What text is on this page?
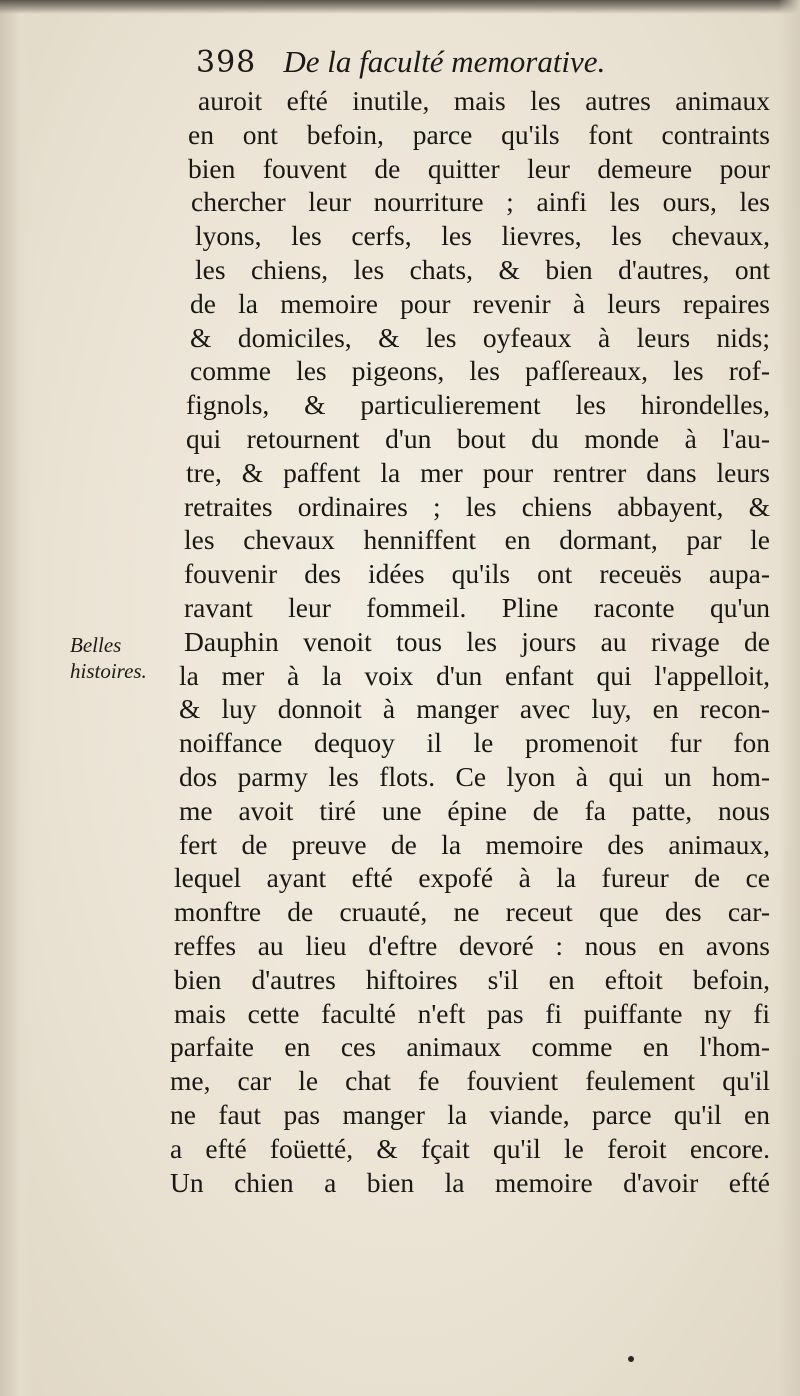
398 De la faculté memorative.
Belles
histoires.
auroit efté inutile, mais les autres animaux
en ont befoin, parce qu'ils font contraints
bien fouvent de quitter leur demeure pour
chercher leur nourriture ; ainfi les ours, les
lyons, les cerfs, les lievres, les chevaux,
les chiens, les chats, & bien d'autres, ont
de la memoire pour revenir à leurs repaires
& domiciles, & les oyfeaux à leurs nids;
comme les pigeons, les pafſereaux, les rof-
fignols, & particulierement les hirondelles,
qui retournent d'un bout du monde à l'au-
tre, & paffent la mer pour rentrer dans leurs
retraites ordinaires ; les chiens abbayent, &
les chevaux henniffent en dormant, par le
fouvenir des idées qu'ils ont receuës aupa-
ravant leur fommeil. Pline raconte qu'un
Dauphin venoit tous les jours au rivage de
la mer à la voix d'un enfant qui l'appelloit,
& luy donnoit à manger avec luy, en recon-
noiffance dequoy il le promenoit fur fon
dos parmy les flots. Ce lyon à qui un hom-
me avoit tiré une épine de fa patte, nous
fert de preuve de la memoire des animaux,
lequel ayant efté expofé à la fureur de ce
monftre de cruauté, ne receut que des car-
reffes au lieu d'eftre devoré : nous en avons
bien d'autres hiftoires s'il en eftoit befoin,
mais cette faculté n'eft pas fi puiffante ny fi
parfaite en ces animaux comme en l'hom-
me, car le chat fe fouvient feulement qu'il
ne faut pas manger la viande, parce qu'il en
a efté foüetté, & fçait qu'il le feroit encore.
Un chien a bien la memoire d'avoir efté
